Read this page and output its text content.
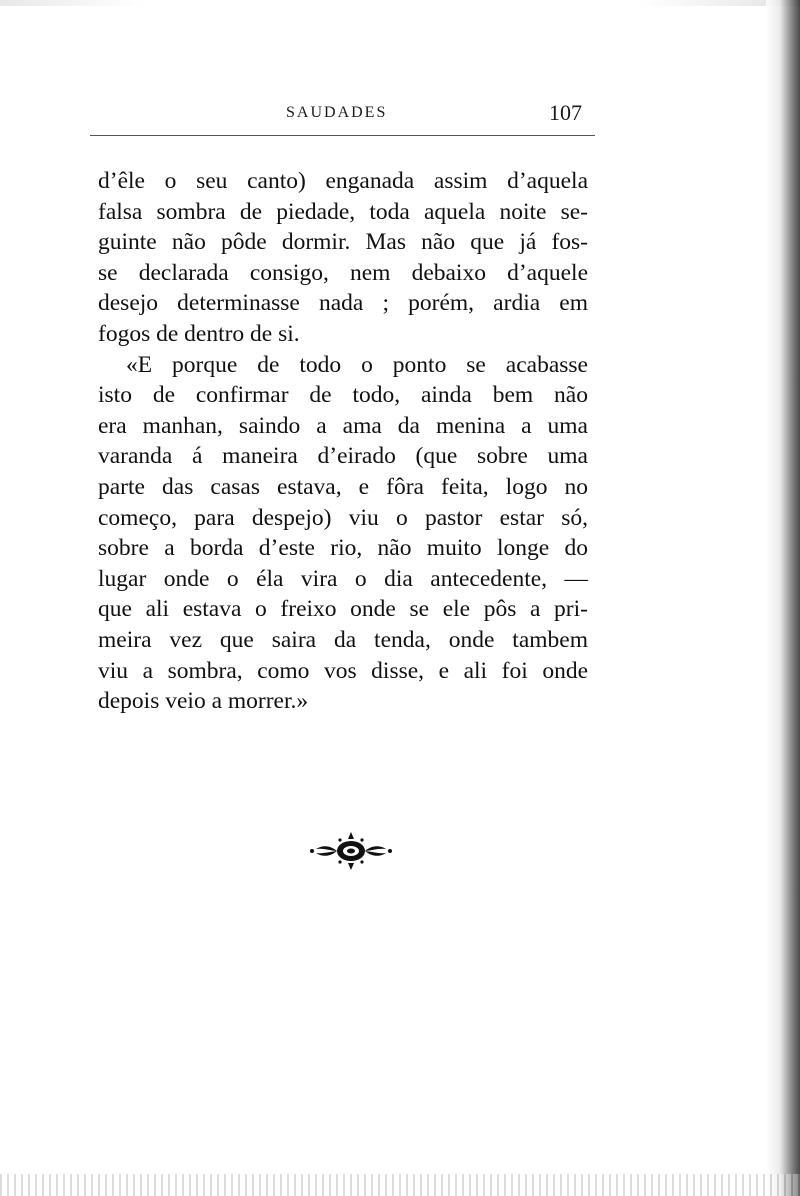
SAUDADES	107
d’êle o seu canto) enganada assim d’aquela
falsa sombra de piedade, toda aquela noite se-
guinte não pôde dormir. Mas não que já fos-
se declarada consigo, nem debaixo d’aquele
desejo determinasse nada ; porém, ardia em
fogos de dentro de si.
«E porque de todo o ponto se acabasse
isto de confirmar de todo, ainda bem não
era manhan, saindo a ama da menina a uma
varanda á maneira d’eirado (que sobre uma
parte das casas estava, e fôra feita, logo no
começo, para despejo) viu o pastor estar só,
sobre a borda d’este rio, não muito longe do
lugar onde o éla vira o dia antecedente, —
que ali estava o freixo onde se ele pôs a pri-
meira vez que saira da tenda, onde tambem
viu a sombra, como vos disse, e ali foi onde
depois veio a morrer.»
